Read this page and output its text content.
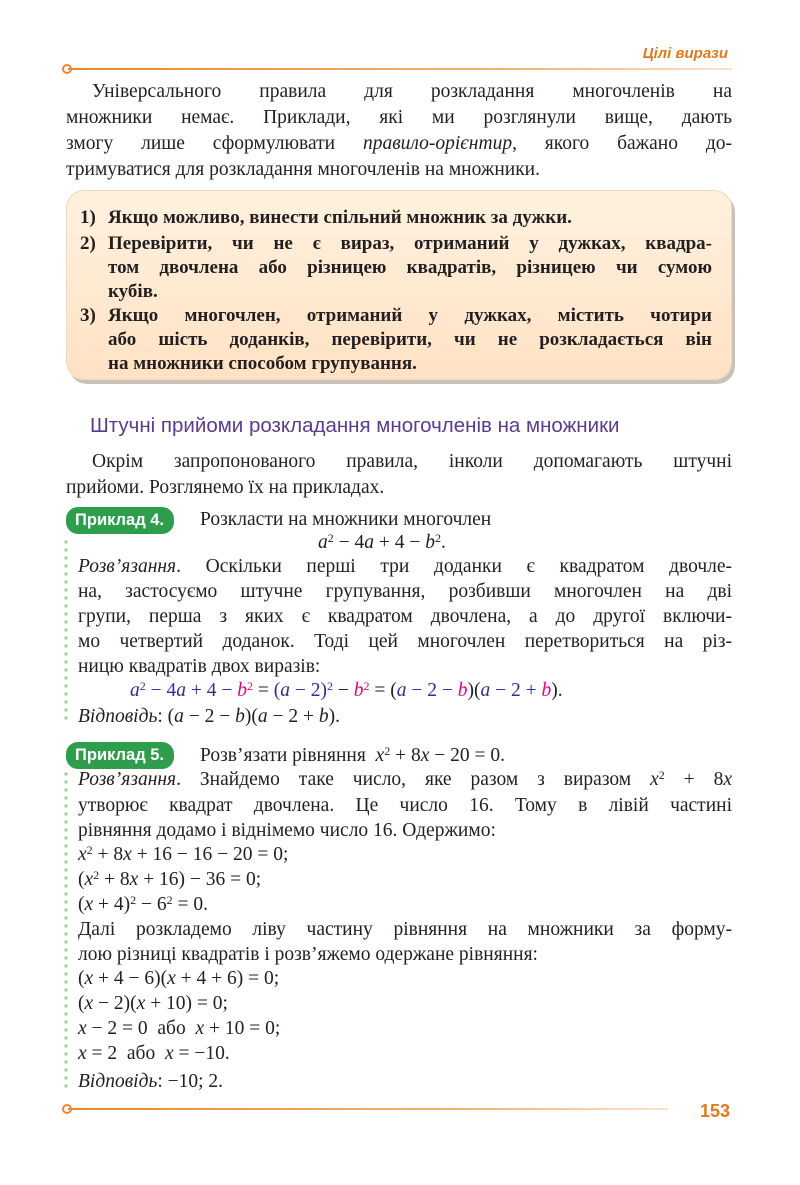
Цілі вирази
Універсального правила для розкладання многочленів на
множники немає. Приклади, які ми розглянули вище, дають
змогу лише сформулювати правило-орієнтир, якого бажано до-
тримуватися для розкладання многочленів на множники.
1) Якщо можливо, винести спільний множник за дужки.
2) Перевірити, чи не є вираз, отриманий у дужках, квадра-
том двочлена або різницею квадратів, різницею чи сумою
кубів.
3) Якщо многочлен, отриманий у дужках, містить чотири
або шість доданків, перевірити, чи не розкладається він
на множники способом групування.
Штучні прийоми розкладання многочленів на множники
Окрім запропонованого правила, інколи допомагають штучні
прийоми. Розглянемо їх на прикладах.
Приклад 4.	Розкласти на множники многочлен
$a^2 - 4a + 4 - b^2$.
Розв’язання. Оскільки перші три доданки є квадратом двочле-
на, застосуємо штучне групування, розбивши многочлен на дві
групи, перша з яких є квадратом двочлена, а до другої включи-
мо четвертий доданок. Тоді цей многочлен перетвориться на різ-
ницю квадратів двох виразів:
$a^2 - 4a + 4 - b^2 = (a - 2)^2 - b^2 = (a - 2 - b)(a - 2 + b)$.
Відповідь: (a − 2 − b)(a − 2 + b).
Приклад 5.	Розв’язати рівняння $x^2 + 8x - 20 = 0$.
Розв’язання. Знайдемо таке число, яке разом з виразом $x^2 + 8x$
утворює квадрат двочлена. Це число 16. Тому в лівій частині
рівняння додамо і віднімемо число 16. Одержимо:
$x^2 + 8x + 16 - 16 - 20 = 0$;
$(x^2 + 8x + 16) - 36 = 0$;
$(x + 4)^2 - 6^2 = 0$.
Далі розкладемо ліву частину рівняння на множники за форму-
лою різниці квадратів і розв’яжемо одержане рівняння:
(x + 4 − 6)(x + 4 + 6) = 0;
(x − 2)(x + 10) = 0;
x − 2 = 0  або  x + 10 = 0;
x = 2  або  x = −10.
Відповідь: −10; 2.
153
